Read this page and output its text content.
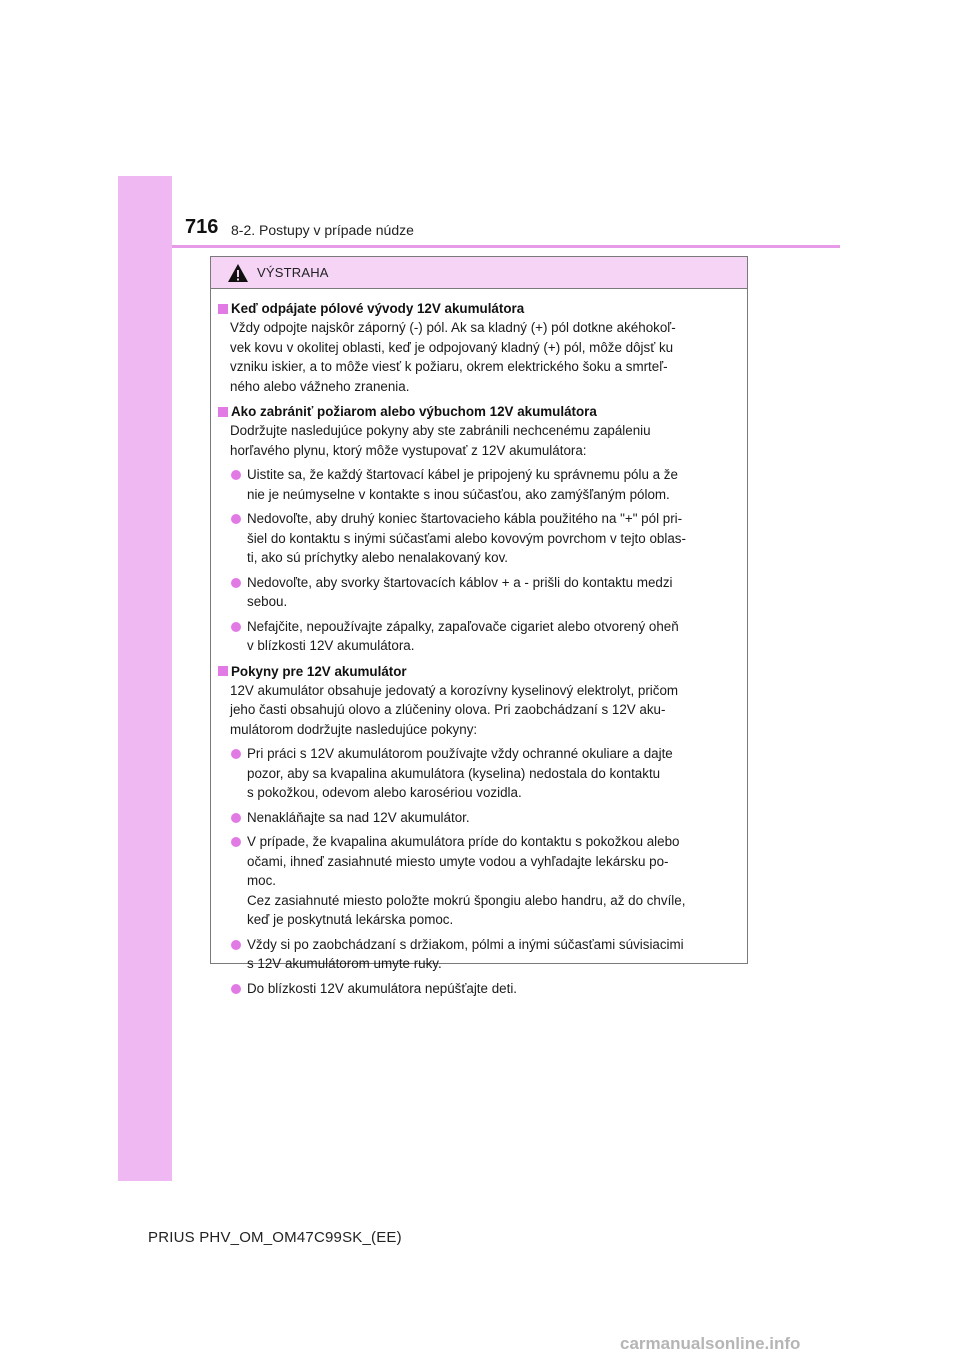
716 8-2. Postupy v prípade núdze
VÝSTRAHA
Keď odpájate pólové vývody 12V akumulátora
Vždy odpojte najskôr záporný (-) pól. Ak sa kladný (+) pól dotkne akéhokoľ-
vek kovu v okolitej oblasti, keď je odpojovaný kladný (+) pól, môže dôjsť ku
vzniku iskier, a to môže viesť k požiaru, okrem elektrického šoku a smrteľ-
ného alebo vážneho zranenia.
Ako zabrániť požiarom alebo výbuchom 12V akumulátora
Dodržujte nasledujúce pokyny aby ste zabránili nechcenému zapáleniu
horľavého plynu, ktorý môže vystupovať z 12V akumulátora:
Uistite sa, že každý štartovací kábel je pripojený ku správnemu pólu a že
nie je neúmyselne v kontakte s inou súčasťou, ako zamýšľaným pólom.
Nedovoľte, aby druhý koniec štartovacieho kábla použitého na "+" pól pri-
šiel do kontaktu s inými súčasťami alebo kovovým povrchom v tejto oblas-
ti, ako sú príchytky alebo nenalakovaný kov.
Nedovoľte, aby svorky štartovacích káblov + a - prišli do kontaktu medzi
sebou.
Nefajčite, nepoužívajte zápalky, zapaľovače cigariet alebo otvorený oheň
v blízkosti 12V akumulátora.
Pokyny pre 12V akumulátor
12V akumulátor obsahuje jedovatý a korozívny kyselinový elektrolyt, pričom
jeho časti obsahujú olovo a zlúčeniny olova. Pri zaobchádzaní s 12V aku-
mulátorom dodržujte nasledujúce pokyny:
Pri práci s 12V akumulátorom používajte vždy ochranné okuliare a dajte
pozor, aby sa kvapalina akumulátora (kyselina) nedostala do kontaktu
s pokožkou, odevom alebo karosériou vozidla.
Nenakláňajte sa nad 12V akumulátor.
V prípade, že kvapalina akumulátora príde do kontaktu s pokožkou alebo
očami, ihneď zasiahnuté miesto umyte vodou a vyhľadajte lekársku po-
moc.
Cez zasiahnuté miesto položte mokrú špongiu alebo handru, až do chvíle,
keď je poskytnutá lekárska pomoc.
Vždy si po zaobchádzaní s držiakom, pólmi a inými súčasťami súvisiacimi
s 12V akumulátorom umyte ruky.
Do blízkosti 12V akumulátora nepúšťajte deti.
PRIUS PHV_OM_OM47C99SK_(EE)
carmanualsonline.info
